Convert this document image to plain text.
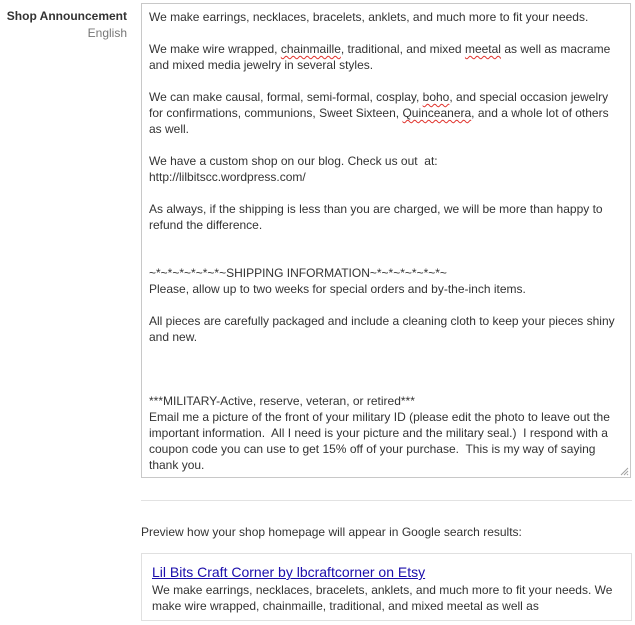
Shop Announcement
English
We make earrings, necklaces, bracelets, anklets, and much more to fit your needs.

We make wire wrapped, chainmaille, traditional, and mixed meetal as well as macrame and mixed media jewelry in several styles.

We can make causal, formal, semi-formal, cosplay, boho, and special occasion jewelry for confirmations, communions, Sweet Sixteen, Quinceanera, and a whole lot of others as well.

We have a custom shop on our blog. Check us out  at:
http://lilbitscc.wordpress.com/

As always, if the shipping is less than you are charged, we will be more than happy to refund the difference.

~*~*~*~*~*~*~SHIPPING INFORMATION~*~*~*~*~*~*~
Please, allow up to two weeks for special orders and by-the-inch items.

All pieces are carefully packaged and include a cleaning cloth to keep your pieces shiny and new.

***MILITARY-Active, reserve, veteran, or retired***
Email me a picture of the front of your military ID (please edit the photo to leave out the important information.  All I need is your picture and the military seal.)  I respond with a coupon code you can use to get 15% off of your purchase.  This is my way of saying thank you.
Preview how your shop homepage will appear in Google search results:
Lil Bits Craft Corner by lbcraftcorner on Etsy
We make earrings, necklaces, bracelets, anklets, and much more to fit your needs. We make wire wrapped, chainmaille, traditional, and mixed meetal as well as
